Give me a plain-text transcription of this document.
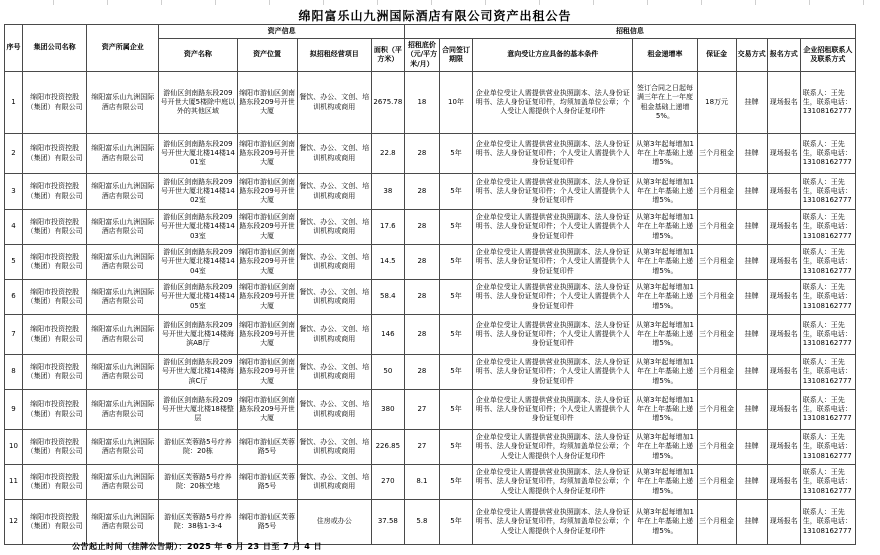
绵阳富乐山九洲国际酒店有限公司资产出租公告
序号	集团公司名称	资产所属企业	资产信息				招租信息							
			资产名称	资产位置	拟招租经营项目	面积（平方米）	招租底价（元/平方米/月）	合同签订期限	意向受让方应具备的基本条件	租金递增率	保证金	交易方式	报名方式	企业招租联系人及联系方式
1	绵阳市投资控股（集团）有限公司	绵阳富乐山九洲国际酒店有限公司	游仙区剑南路东段209号开世大厦5楼除中庭以外的其他区域	绵阳市游仙区剑南路东段209号开世大厦	餐饮、办公、文创、培训机构或商用	2675.78	18	10年	企业单位受让人需提供营业执照副本、法人身份证明书、法人身份证复印件，均须加盖单位公章；个人受让人需提供个人身份证复印件	签订合同之日起每满三年在上一年度租金基础上递增5%。	18万元	挂牌	现场报名	联系人：王先生，联系电话：13108162777
2	绵阳市投资控股（集团）有限公司	绵阳富乐山九洲国际酒店有限公司	游仙区剑南路东段209号开世大厦北楼14楼1401室	绵阳市游仙区剑南路东段209号开世大厦	餐饮、办公、文创、培训机构或商用	22.8	28	5年	企业单位受让人需提供营业执照副本、法人身份证明书、法人身份证复印件；个人受让人需提供个人身份证复印件	从第3年起每增加1年在上年基础上递增5%。	三个月租金	挂牌	现场报名	联系人：王先生，联系电话：13108162777
3	绵阳市投资控股（集团）有限公司	绵阳富乐山九洲国际酒店有限公司	游仙区剑南路东段209号开世大厦北楼14楼1402室	绵阳市游仙区剑南路东段209号开世大厦	餐饮、办公、文创、培训机构或商用	38	28	5年	企业单位受让人需提供营业执照副本、法人身份证明书、法人身份证复印件；个人受让人需提供个人身份证复印件	从第3年起每增加1年在上年基础上递增5%。	三个月租金	挂牌	现场报名	联系人：王先生，联系电话：13108162777
4	绵阳市投资控股（集团）有限公司	绵阳富乐山九洲国际酒店有限公司	游仙区剑南路东段209号开世大厦北楼14楼1403室	绵阳市游仙区剑南路东段209号开世大厦	餐饮、办公、文创、培训机构或商用	17.6	28	5年	企业单位受让人需提供营业执照副本、法人身份证明书、法人身份证复印件；个人受让人需提供个人身份证复印件	从第3年起每增加1年在上年基础上递增5%。	三个月租金	挂牌	现场报名	联系人：王先生，联系电话：13108162777
5	绵阳市投资控股（集团）有限公司	绵阳富乐山九洲国际酒店有限公司	游仙区剑南路东段209号开世大厦北楼14楼1404室	绵阳市游仙区剑南路东段209号开世大厦	餐饮、办公、文创、培训机构或商用	14.5	28	5年	企业单位受让人需提供营业执照副本、法人身份证明书、法人身份证复印件；个人受让人需提供个人身份证复印件	从第3年起每增加1年在上年基础上递增5%。	三个月租金	挂牌	现场报名	联系人：王先生，联系电话：13108162777
6	绵阳市投资控股（集团）有限公司	绵阳富乐山九洲国际酒店有限公司	游仙区剑南路东段209号开世大厦北楼14楼1405室	绵阳市游仙区剑南路东段209号开世大厦	餐饮、办公、文创、培训机构或商用	58.4	28	5年	企业单位受让人需提供营业执照副本、法人身份证明书、法人身份证复印件；个人受让人需提供个人身份证复印件	从第3年起每增加1年在上年基础上递增5%。	三个月租金	挂牌	现场报名	联系人：王先生，联系电话：13108162777
7	绵阳市投资控股（集团）有限公司	绵阳富乐山九洲国际酒店有限公司	游仙区剑南路东段209号开世大厦北楼14楼海滨AB厅	绵阳市游仙区剑南路东段209号开世大厦	餐饮、办公、文创、培训机构或商用	146	28	5年	企业单位受让人需提供营业执照副本、法人身份证明书、法人身份证复印件；个人受让人需提供个人身份证复印件	从第3年起每增加1年在上年基础上递增5%。	三个月租金	挂牌	现场报名	联系人：王先生，联系电话：13108162777
8	绵阳市投资控股（集团）有限公司	绵阳富乐山九洲国际酒店有限公司	游仙区剑南路东段209号开世大厦北楼14楼海滨C厅	绵阳市游仙区剑南路东段209号开世大厦	餐饮、办公、文创、培训机构或商用	50	28	5年	企业单位受让人需提供营业执照副本、法人身份证明书、法人身份证复印件；个人受让人需提供个人身份证复印件	从第3年起每增加1年在上年基础上递增5%。	三个月租金	挂牌	现场报名	联系人：王先生，联系电话：13108162777
9	绵阳市投资控股（集团）有限公司	绵阳富乐山九洲国际酒店有限公司	游仙区剑南路东段209号开世大厦北楼18楼整层	绵阳市游仙区剑南路东段209号开世大厦	餐饮、办公、文创、培训机构或商用	380	27	5年	企业单位受让人需提供营业执照副本、法人身份证明书、法人身份证复印件；个人受让人需提供个人身份证复印件	从第3年起每增加1年在上年基础上递增5%。	三个月租金	挂牌	现场报名	联系人：王先生，联系电话：13108162777
10	绵阳市投资控股（集团）有限公司	绵阳富乐山九洲国际酒店有限公司	游仙区芙蓉路5号疗养院：20栋	绵阳市游仙区芙蓉路5号	餐饮、办公、文创、培训机构或商用	226.85	27	5年	企业单位受让人需提供营业执照副本、法人身份证明书、法人身份证复印件，均须加盖单位公章；个人受让人需提供个人身份证复印件	从第3年起每增加1年在上年基础上递增5%。	三个月租金	挂牌	现场报名	联系人：王先生，联系电话：13108162777
11	绵阳市投资控股（集团）有限公司	绵阳富乐山九洲国际酒店有限公司	游仙区芙蓉路5号疗养院：20栋空地	绵阳市游仙区芙蓉路5号	餐饮、办公、文创、培训机构或商用	270	8.1	5年	企业单位受让人需提供营业执照副本、法人身份证明书、法人身份证复印件，均须加盖单位公章；个人受让人需提供个人身份证复印件	从第3年起每增加1年在上年基础上递增5%。	三个月租金	挂牌	现场报名	联系人：王先生，联系电话：13108162777
12	绵阳市投资控股（集团）有限公司	绵阳富乐山九洲国际酒店有限公司	游仙区芙蓉路5号疗养院：38栋1-3-4	绵阳市游仙区芙蓉路5号	住房或办公	37.58	5.8	5年	企业单位受让人需提供营业执照副本、法人身份证明书、法人身份证复印件，均须加盖单位公章；个人受让人需提供个人身份证复印件	从第3年起每增加1年在上年基础上递增5%。	三个月租金	挂牌	现场报名	联系人：王先生，联系电话：13108162777
公告起止时间（挂牌公告期）：2025 年 6 月 23 日至 7 月 4 日
